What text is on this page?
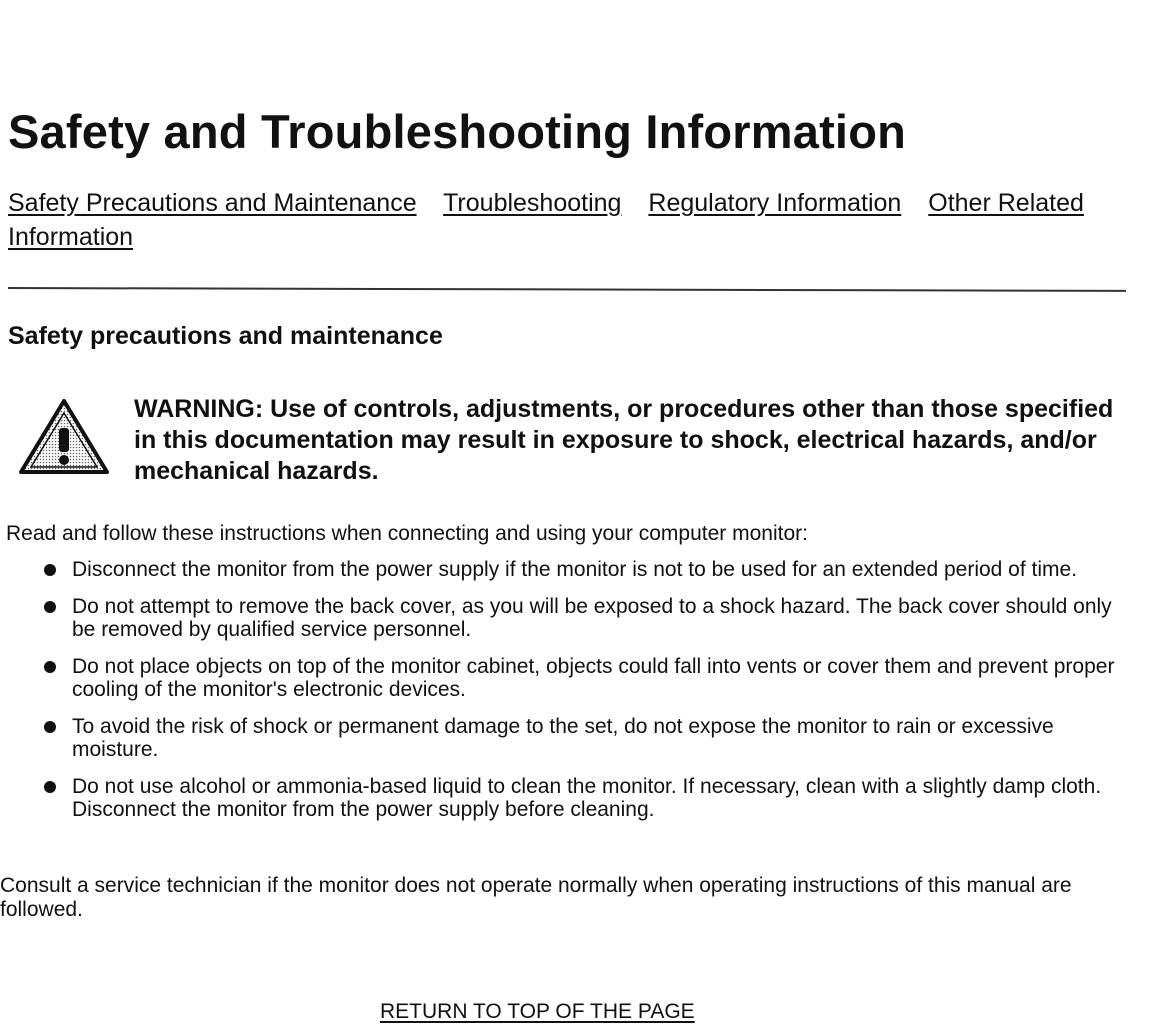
Safety and Troubleshooting Information
Safety Precautions and Maintenance Troubleshooting Regulatory Information Other Related Information
Safety precautions and maintenance

WARNING: Use of controls, adjustments, or procedures other than those specified in this documentation may result in exposure to shock, electrical hazards, and/or mechanical hazards.

Read and follow these instructions when connecting and using your computer monitor:

Disconnect the monitor from the power supply if the monitor is not to be used for an extended period of time.
Do not attempt to remove the back cover, as you will be exposed to a shock hazard. The back cover should only be removed by qualified service personnel.
Do not place objects on top of the monitor cabinet, objects could fall into vents or cover them and prevent proper cooling of the monitor's electronic devices.
To avoid the risk of shock or permanent damage to the set, do not expose the monitor to rain or excessive moisture.
Do not use alcohol or ammonia-based liquid to clean the monitor. If necessary, clean with a slightly damp cloth. Disconnect the monitor from the power supply before cleaning.

Consult a service technician if the monitor does not operate normally when operating instructions of this manual are followed.

RETURN TO TOP OF THE PAGE
